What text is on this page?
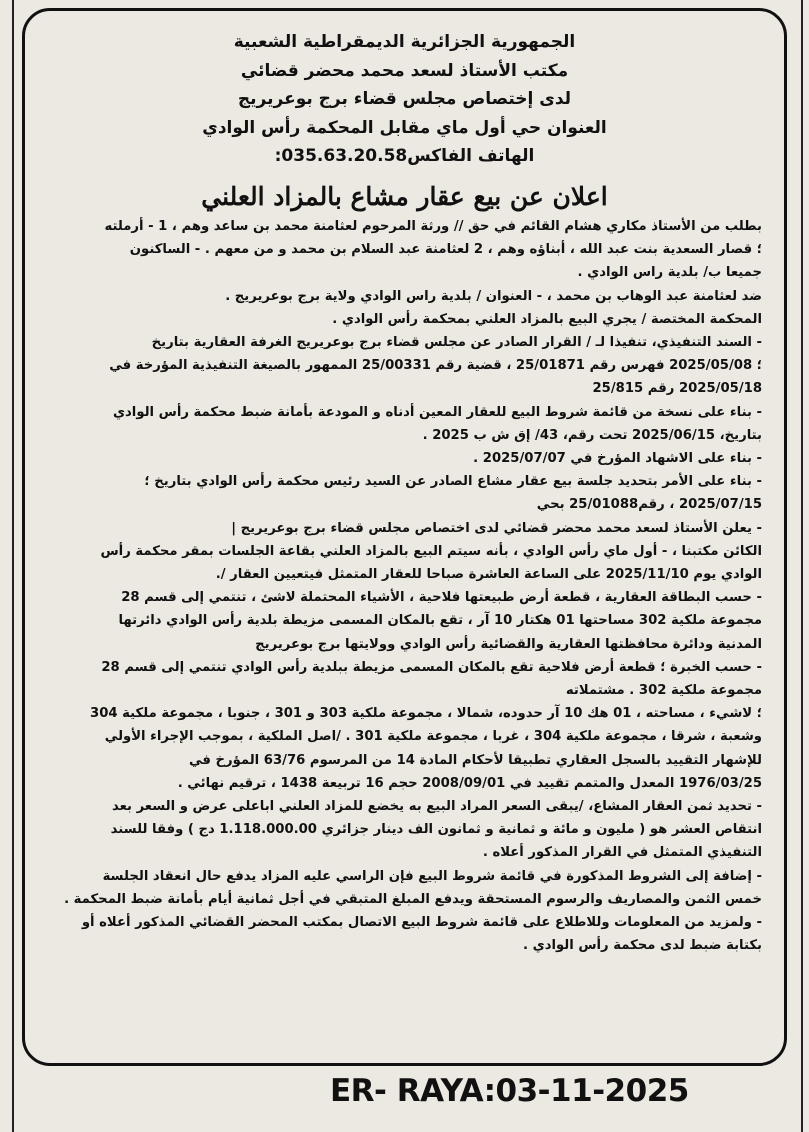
الجمهورية الجزائرية الديمقراطية الشعبية
مكتب الأستاذ لسعد محمد محضر قضائي
لدى إختصاص مجلس قضاء برج بوعريريج
العنوان حي أول ماي مقابل المحكمة رأس الوادي
الهاتف الفاكس035.63.20.58:
اعلان عن بيع عقار مشاع بالمزاد العلني
بطلب من الأستاذ مكاري هشام القائم في حق // ورثة المرحوم لعثامنة محمد بن ساعد وهم ، 1 - أرملته
؛ قصار السعدية بنت عبد الله ، أبناؤه وهم ، 2 لعثامنة عبد السلام بن محمد و من معهم . - الساكنون
جميعا ب/ بلدية راس الوادي .
ضد لعثامنة عبد الوهاب بن محمد ، - العنوان / بلدية راس الوادي ولاية برج بوعريريج .
المحكمة المختصة / يجري البيع بالمزاد العلني بمحكمة رأس الوادي .
- السند التنفيذي، تنفيذا لـ / القرار الصادر عن مجلس قضاء برج بوعريريج الغرفة العقارية بتاريخ
؛ 2025/05/08 فهرس رقم 25/01871 ، قضية رقم 25/00331 الممهور بالصيغة التنفيذية المؤرخة في
2025/05/18 رقم 25/815
- بناء على نسخة من قائمة شروط البيع للعقار المعين أدناه و المودعة بأمانة ضبط محكمة رأس الوادي
بتاريخ، 2025/06/15 تحت رقم، 43/ إق ش ب 2025 .
- بناء على الاشهاد المؤرخ في 2025/07/07 .
- بناء على الأمر بتحديد جلسة بيع عقار مشاع الصادر عن السيد رئيس محكمة رأس الوادي بتاريخ ؛
2025/07/15 ، رقم25/01088 بحي
- يعلن الأستاذ لسعد محمد محضر قضائي لدى اختصاص مجلس قضاء برج بوعريريج |
الكائن مكتبنا ، - أول ماي رأس الوادي ، بأنه سيتم البيع بالمزاد العلني بقاعة الجلسات بمقر محكمة رأس
الوادي يوم 2025/11/10 على الساعة العاشرة صباحا للعقار المتمثل فيتعيين العقار /.
- حسب البطاقة العقارية ، قطعة أرض طبيعتها فلاحية ، الأشياء المحتملة لاشئ ، تنتمي إلى قسم 28
مجموعة ملكية 302 مساحتها 01 هكتار 10 آر ، تقع بالمكان المسمى مزيطة بلدية رأس الوادي دائرتها
المدنية ودائرة محافظتها العقارية والقضائية رأس الوادي وولايتها برج بوعريريج
- حسب الخبرة ؛ قطعة أرض فلاحية تقع بالمكان المسمى مزيطة ببلدية رأس الوادي تنتمي إلى قسم 28
مجموعة ملكية 302 . مشتملاته
؛ لاشيء ، مساحته ، 01 هك 10 آر حدوده، شمالا ، مجموعة ملكية 303 و 301 ، جنوبا ، مجموعة ملكية 304
وشعبة ، شرقا ، مجموعة ملكية 304 ، غربا ، مجموعة ملكية 301 . /اصل الملكية ، بموجب الإجراء الأولي
للإشهار التقييد بالسجل العقاري تطبيقا لأحكام المادة 14 من المرسوم 63/76 المؤرخ في
1976/03/25 المعدل والمتمم تقييد في 2008/09/01 حجم 16 تربيعة 1438 ، ترقيم نهائي .
- تحديد ثمن العقار المشاع، /يبقى السعر المراد البيع به يخضع للمزاد العلني اباعلى عرض و السعر بعد
انتقاص العشر هو ( مليون و مائة و ثمانية و ثمانون الف دينار جزائري 1.118.000.00 دج ) وفقا للسند
التنفيذي المتمثل في القرار المذكور أعلاه .
- إضافة إلى الشروط المذكورة في قائمة شروط البيع فإن الراسي عليه المزاد يدفع حال انعقاد الجلسة
خمس الثمن والمصاريف والرسوم المستحقة ويدفع المبلغ المتبقي في أجل ثمانية أيام بأمانة ضبط المحكمة .
- ولمزيد من المعلومات وللاطلاع على قائمة شروط البيع الاتصال بمكتب المحضر القضائي المذكور أعلاه أو
بكتابة ضبط لدى محكمة رأس الوادي .
ER- RAYA:03-11-2025
